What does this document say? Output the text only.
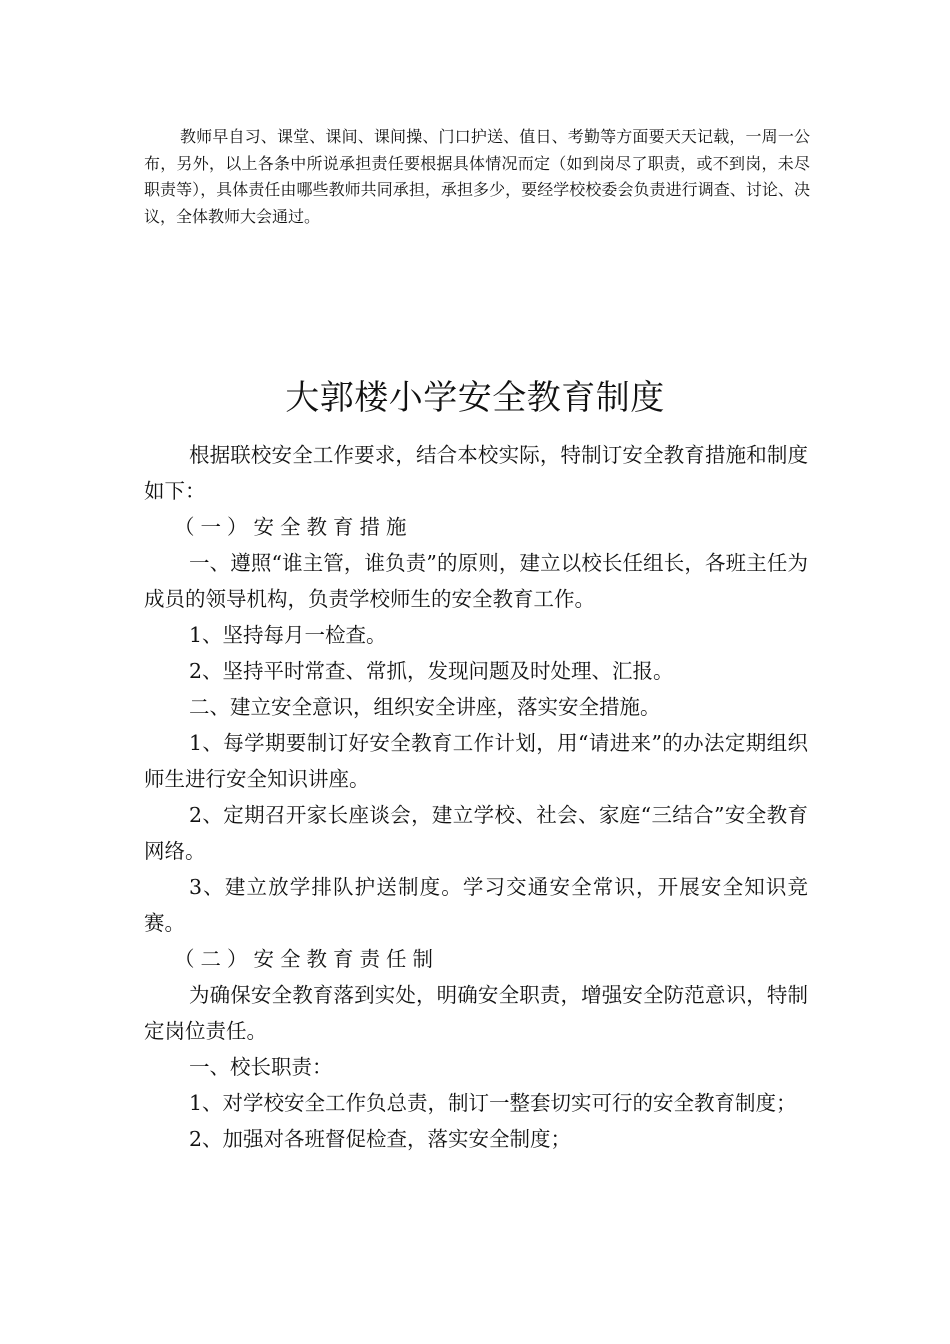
教师早自习、课堂、课间、课间操、门口护送、值日、考勤等方面要天天记载，一周一公布，另外，以上各条中所说承担责任要根据具体情况而定（如到岗尽了职责，或不到岗，未尽职责等），具体责任由哪些教师共同承担，承担多少，要经学校校委会负责进行调查、讨论、决议，全体教师大会通过。

大郭楼小学安全教育制度

根据联校安全工作要求，结合本校实际，特制订安全教育措施和制度如下：

（一）安全教育措施

一、遵照“谁主管，谁负责”的原则，建立以校长任组长，各班主任为成员的领导机构，负责学校师生的安全教育工作。

1、坚持每月一检查。

2、坚持平时常查、常抓，发现问题及时处理、汇报。

二、建立安全意识，组织安全讲座，落实安全措施。

1、每学期要制订好安全教育工作计划，用“请进来”的办法定期组织师生进行安全知识讲座。

2、定期召开家长座谈会，建立学校、社会、家庭“三结合”安全教育网络。

3、建立放学排队护送制度。学习交通安全常识，开展安全知识竞赛。

（二）安全教育责任制

为确保安全教育落到实处，明确安全职责，增强安全防范意识，特制定岗位责任。

一、校长职责：

1、对学校安全工作负总责，制订一整套切实可行的安全教育制度；

2、加强对各班督促检查，落实安全制度；
